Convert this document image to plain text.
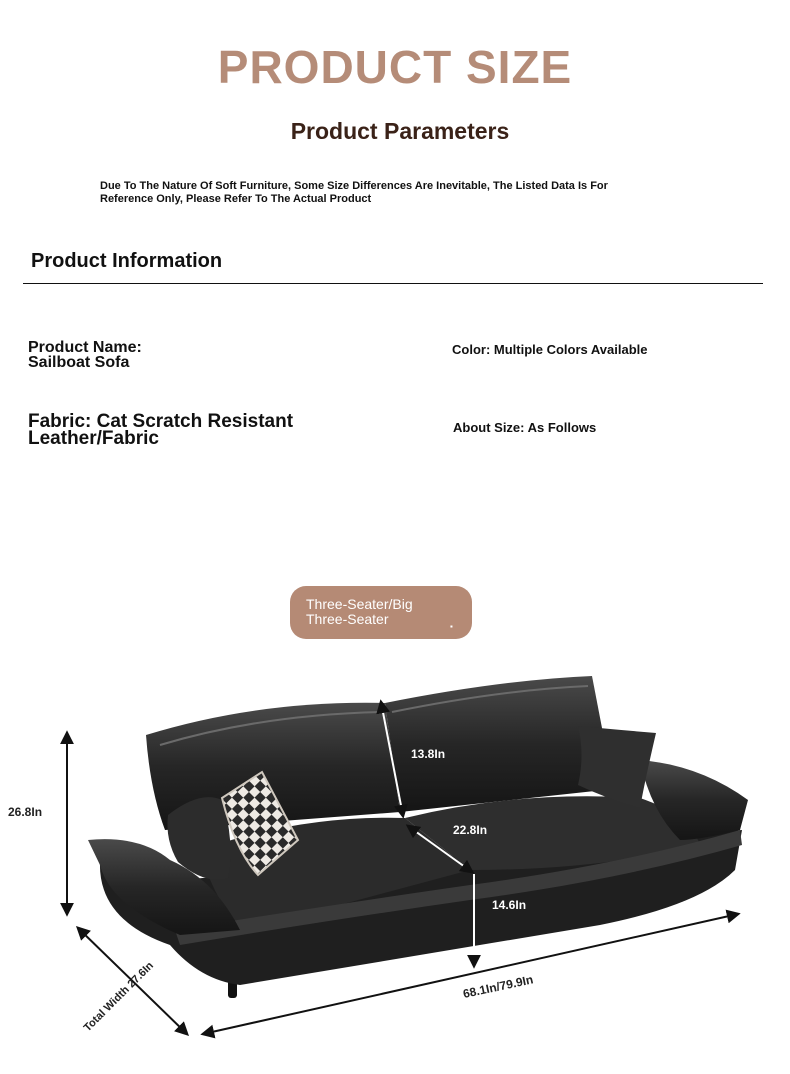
PRODUCT SIZE
Product Parameters
Due To The Nature Of Soft Furniture, Some Size Differences Are Inevitable, The Listed Data Is For
Reference Only, Please Refer To The Actual Product
Product Information
Product Name:
Sailboat Sofa
Color: Multiple Colors Available
Fabric: Cat Scratch Resistant
Leather/Fabric
About Size: As Follows
Three-Seater/Big
Three-Seater	▪
26.8In
13.8In
22.8In
14.6In
68.1In/79.9In
Total Width 27.6In
